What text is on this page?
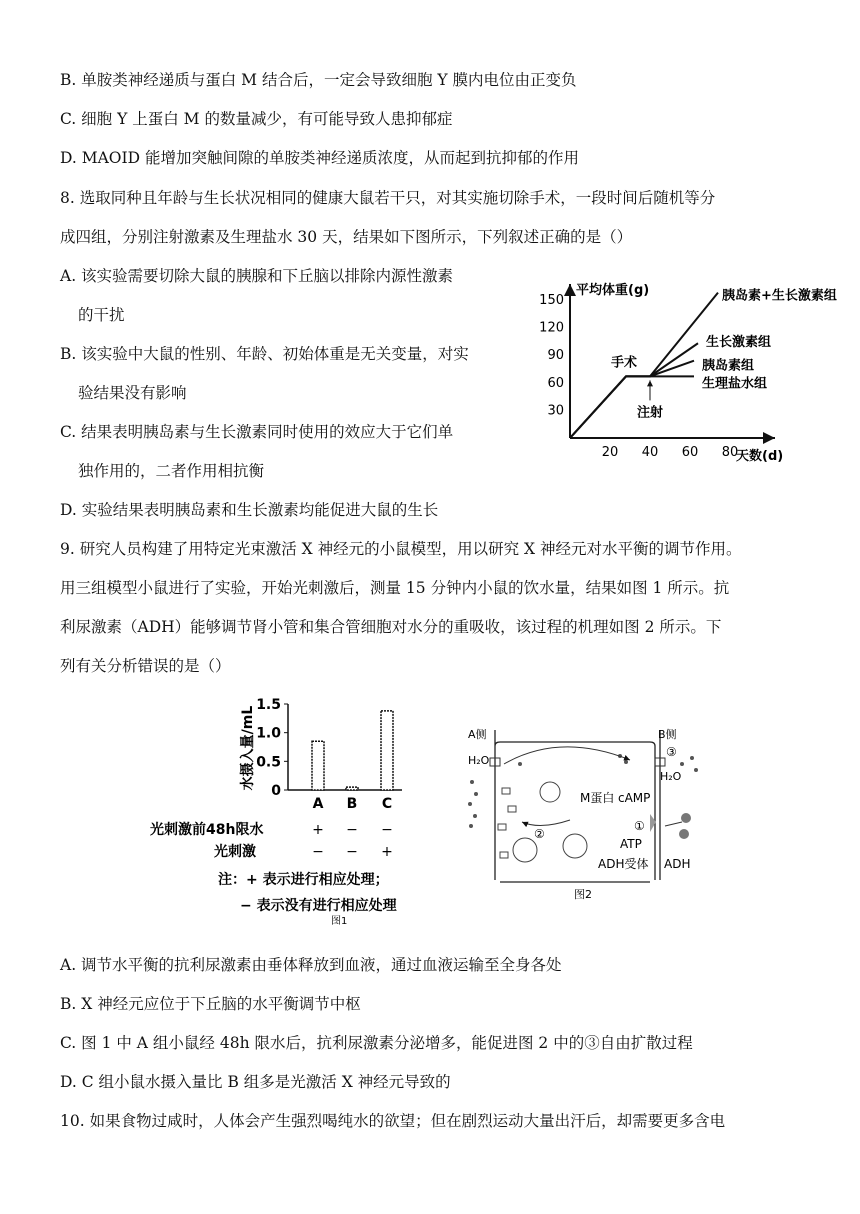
B. 单胺类神经递质与蛋白 M 结合后，一定会导致细胞 Y 膜内电位由正变负
C. 细胞 Y 上蛋白 M 的数量减少，有可能导致人患抑郁症
D. MAOID 能增加突触间隙的单胺类神经递质浓度，从而起到抗抑郁的作用
8. 选取同种且年龄与生长状况相同的健康大鼠若干只，对其实施切除手术，一段时间后随机等分
成四组，分别注射激素及生理盐水 30 天，结果如下图所示，下列叙述正确的是（）
A. 该实验需要切除大鼠的胰腺和下丘脑以排除内源性激素
的干扰
B. 该实验中大鼠的性别、年龄、初始体重是无关变量，对实
验结果没有影响
C. 结果表明胰岛素与生长激素同时使用的效应大于它们单
独作用的，二者作用相抗衡
D. 实验结果表明胰岛素和生长激素均能促进大鼠的生长
9. 研究人员构建了用特定光束激活 X 神经元的小鼠模型，用以研究 X 神经元对水平衡的调节作用。
用三组模型小鼠进行了实验，开始光刺激后，测量 15 分钟内小鼠的饮水量，结果如图 1 所示。抗
利尿激素（ADH）能够调节肾小管和集合管细胞对水分的重吸收，该过程的机理如图 2 所示。下
列有关分析错误的是（）
A. 调节水平衡的抗利尿激素由垂体释放到血液，通过血液运输至全身各处
B. X 神经元应位于下丘脑的水平衡调节中枢
C. 图 1 中 A 组小鼠经 48h 限水后，抗利尿激素分泌增多，能促进图 2 中的③自由扩散过程
D. C 组小鼠水摄入量比 B 组多是光激活 X 神经元导致的
10. 如果食物过咸时，人体会产生强烈喝纯水的欲望；但在剧烈运动大量出汗后，却需要更多含电
平均体重(g)
天数(d)
30
60
90
120
150
20 40 60 80
胰岛素+生长激素组
生长激素组
胰岛素组
生理盐水组
手术
注射
水摄入量/mL
0
0.5
1.0
1.5
A B C
光刺激前48h限水	+ − −
光刺激	− − +
注：+ 表示进行相应处理；
− 表示没有进行相应处理
图1
A侧
H₂O
B侧
③
H₂O
M蛋白 cAMP
②
①
ATP
ADH受体 ADH
图2
